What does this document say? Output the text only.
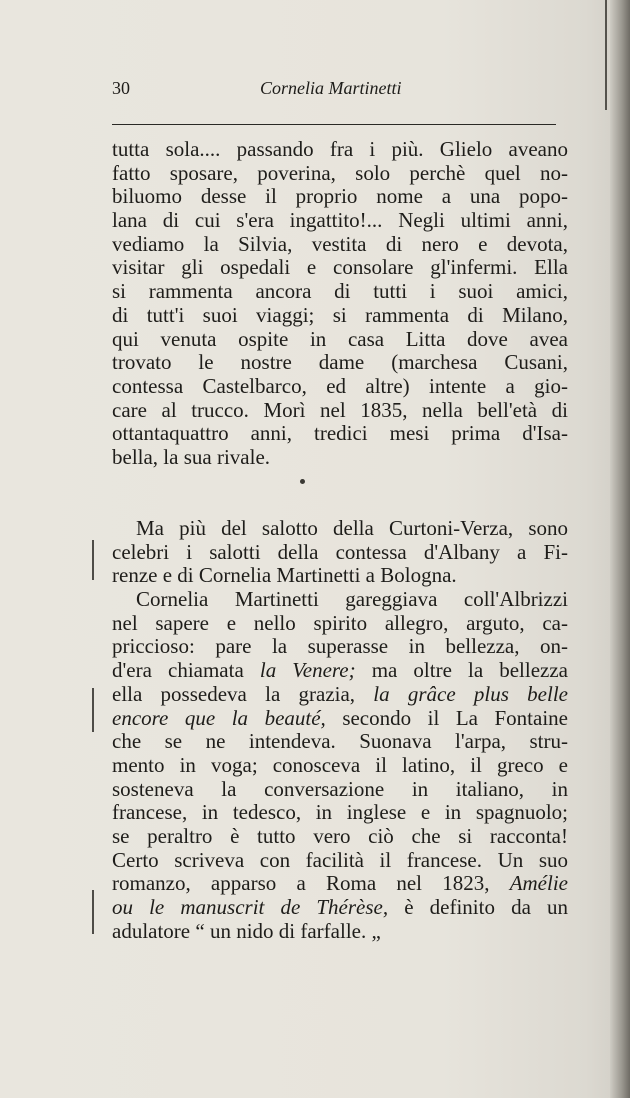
30	Cornelia Martinetti
tutta sola.... passando fra i più. Glielo aveano
fatto sposare, poverina, solo perchè quel no-
biluomo desse il proprio nome a una popo-
lana di cui s'era ingattito!... Negli ultimi anni,
vediamo la Silvia, vestita di nero e devota,
visitar gli ospedali e consolare gl'infermi. Ella
si rammenta ancora di tutti i suoi amici,
di tutt'i suoi viaggi; si rammenta di Milano,
qui venuta ospite in casa Litta dove avea
trovato le nostre dame (marchesa Cusani,
contessa Castelbarco, ed altre) intente a gio-
care al trucco. Morì nel 1835, nella bell'età di
ottantaquattro anni, tredici mesi prima d'Isa-
bella, la sua rivale.
Ma più del salotto della Curtoni-Verza, sono
celebri i salotti della contessa d'Albany a Fi-
renze e di Cornelia Martinetti a Bologna.
Cornelia Martinetti gareggiava coll'Albrizzi
nel sapere e nello spirito allegro, arguto, ca-
priccioso: pare la superasse in bellezza, on-
d'era chiamata la Venere; ma oltre la bellezza
ella possedeva la grazia, la grâce plus belle
encore que la beauté, secondo il La Fontaine
che se ne intendeva. Suonava l'arpa, stru-
mento in voga; conosceva il latino, il greco e
sosteneva la conversazione in italiano, in
francese, in tedesco, in inglese e in spagnuolo;
se peraltro è tutto vero ciò che si racconta!
Certo scriveva con facilità il francese. Un suo
romanzo, apparso a Roma nel 1823, Amélie
ou le manuscrit de Thérèse, è definito da un
adulatore “ un nido di farfalle. „
